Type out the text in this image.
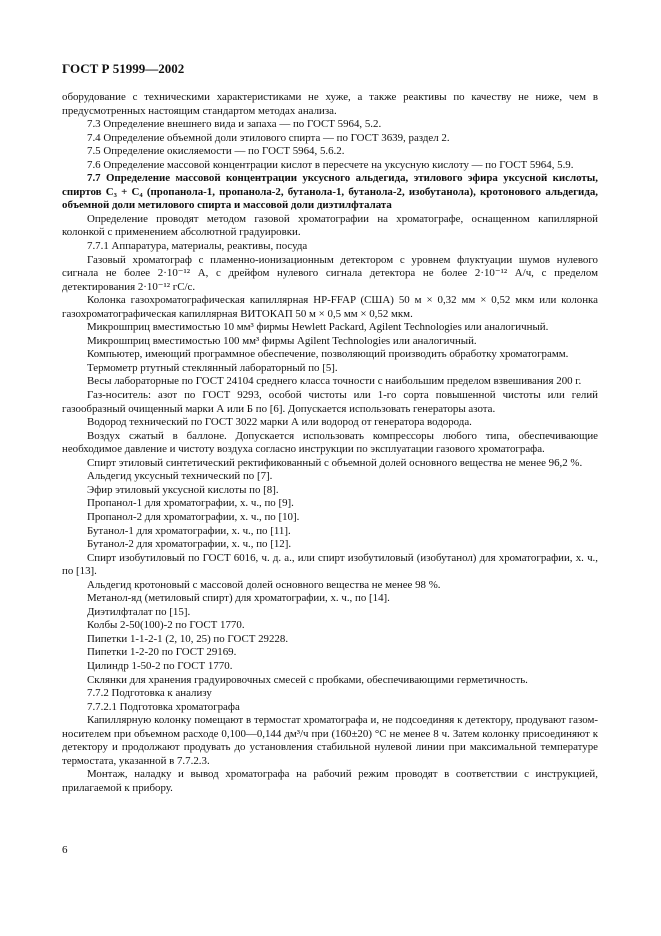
ГОСТ Р 51999—2002

оборудование с техническими характеристиками не хуже, а также реактивы по качеству не ниже, чем в предусмотренных настоящим стандартом методах анализа.

7.3 Определение внешнего вида и запаха — по ГОСТ 5964, 5.2.

7.4 Определение объемной доли этилового спирта — по ГОСТ 3639, раздел 2.

7.5 Определение окисляемости — по ГОСТ 5964, 5.6.2.

7.6 Определение массовой концентрации кислот в пересчете на уксусную кислоту — по ГОСТ 5964, 5.9.

7.7 Определение массовой концентрации уксусного альдегида, этилового эфира уксусной кислоты, спиртов С₃ + С₄ (пропанола-1, пропанола-2, бутанола-1, бутанола-2, изобутанола), кротонового альдегида, объемной доли метилового спирта и массовой доли диэтилфталата

Определение проводят методом газовой хроматографии на хроматографе, оснащенном капиллярной колонкой с применением абсолютной градуировки.

7.7.1 Аппаратура, материалы, реактивы, посуда

Газовый хроматограф с пламенно-ионизационным детектором с уровнем флуктуации шумов нулевого сигнала не более 2·10⁻¹² А, с дрейфом нулевого сигнала детектора не более 2·10⁻¹² А/ч, с пределом детектирования 2·10⁻¹² гС/с.

Колонка газохроматографическая капиллярная HP-FFAP (США) 50 м × 0,32 мм × 0,52 мкм или колонка газохроматографическая капиллярная ВИТОКАП 50 м × 0,5 мм × 0,52 мкм.

Микрошприц вместимостью 10 мм³ фирмы Hewlett Packard, Agilent Technologies или аналогичный.

Микрошприц вместимостью 100 мм³ фирмы Agilent Technologies или аналогичный.

Компьютер, имеющий программное обеспечение, позволяющий производить обработку хроматограмм.

Термометр ртутный стеклянный лабораторный по [5].

Весы лабораторные по ГОСТ 24104 среднего класса точности с наибольшим пределом взвешивания 200 г.

Газ-носитель: азот по ГОСТ 9293, особой чистоты или 1-го сорта повышенной чистоты или гелий газообразный очищенный марки А или Б по [6]. Допускается использовать генераторы азота.

Водород технический по ГОСТ 3022 марки А или водород от генератора водорода.

Воздух сжатый в баллоне. Допускается использовать компрессоры любого типа, обеспечивающие необходимое давление и чистоту воздуха согласно инструкции по эксплуатации газового хроматографа.

Спирт этиловый синтетический ректификованный с объемной долей основного вещества не менее 96,2 %.

Альдегид уксусный технический по [7].

Эфир этиловый уксусной кислоты по [8].

Пропанол-1 для хроматографии, х. ч., по [9].

Пропанол-2 для хроматографии, х. ч., по [10].

Бутанол-1 для хроматографии, х. ч., по [11].

Бутанол-2 для хроматографии, х. ч., по [12].

Спирт изобутиловый по ГОСТ 6016, ч. д. а., или спирт изобутиловый (изобутанол) для хроматографии, х. ч., по [13].

Альдегид кротоновый с массовой долей основного вещества не менее 98 %.

Метанол-яд (метиловый спирт) для хроматографии, х. ч., по [14].

Диэтилфталат по [15].

Колбы 2-50(100)-2 по ГОСТ 1770.

Пипетки 1-1-2-1 (2, 10, 25) по ГОСТ 29228.

Пипетки 1-2-20 по ГОСТ 29169.

Цилиндр 1-50-2 по ГОСТ 1770.

Склянки для хранения градуировочных смесей с пробками, обеспечивающими герметичность.

7.7.2 Подготовка к анализу

7.7.2.1 Подготовка хроматографа

Капиллярную колонку помещают в термостат хроматографа и, не подсоединяя к детектору, продувают газом-носителем при объемном расходе 0,100—0,144 дм³/ч при (160±20) °С не менее 8 ч. Затем колонку присоединяют к детектору и продолжают продувать до установления стабильной нулевой линии при максимальной температуре термостата, указанной в 7.7.2.3.

Монтаж, наладку и вывод хроматографа на рабочий режим проводят в соответствии с инструкцией, прилагаемой к прибору.

6
